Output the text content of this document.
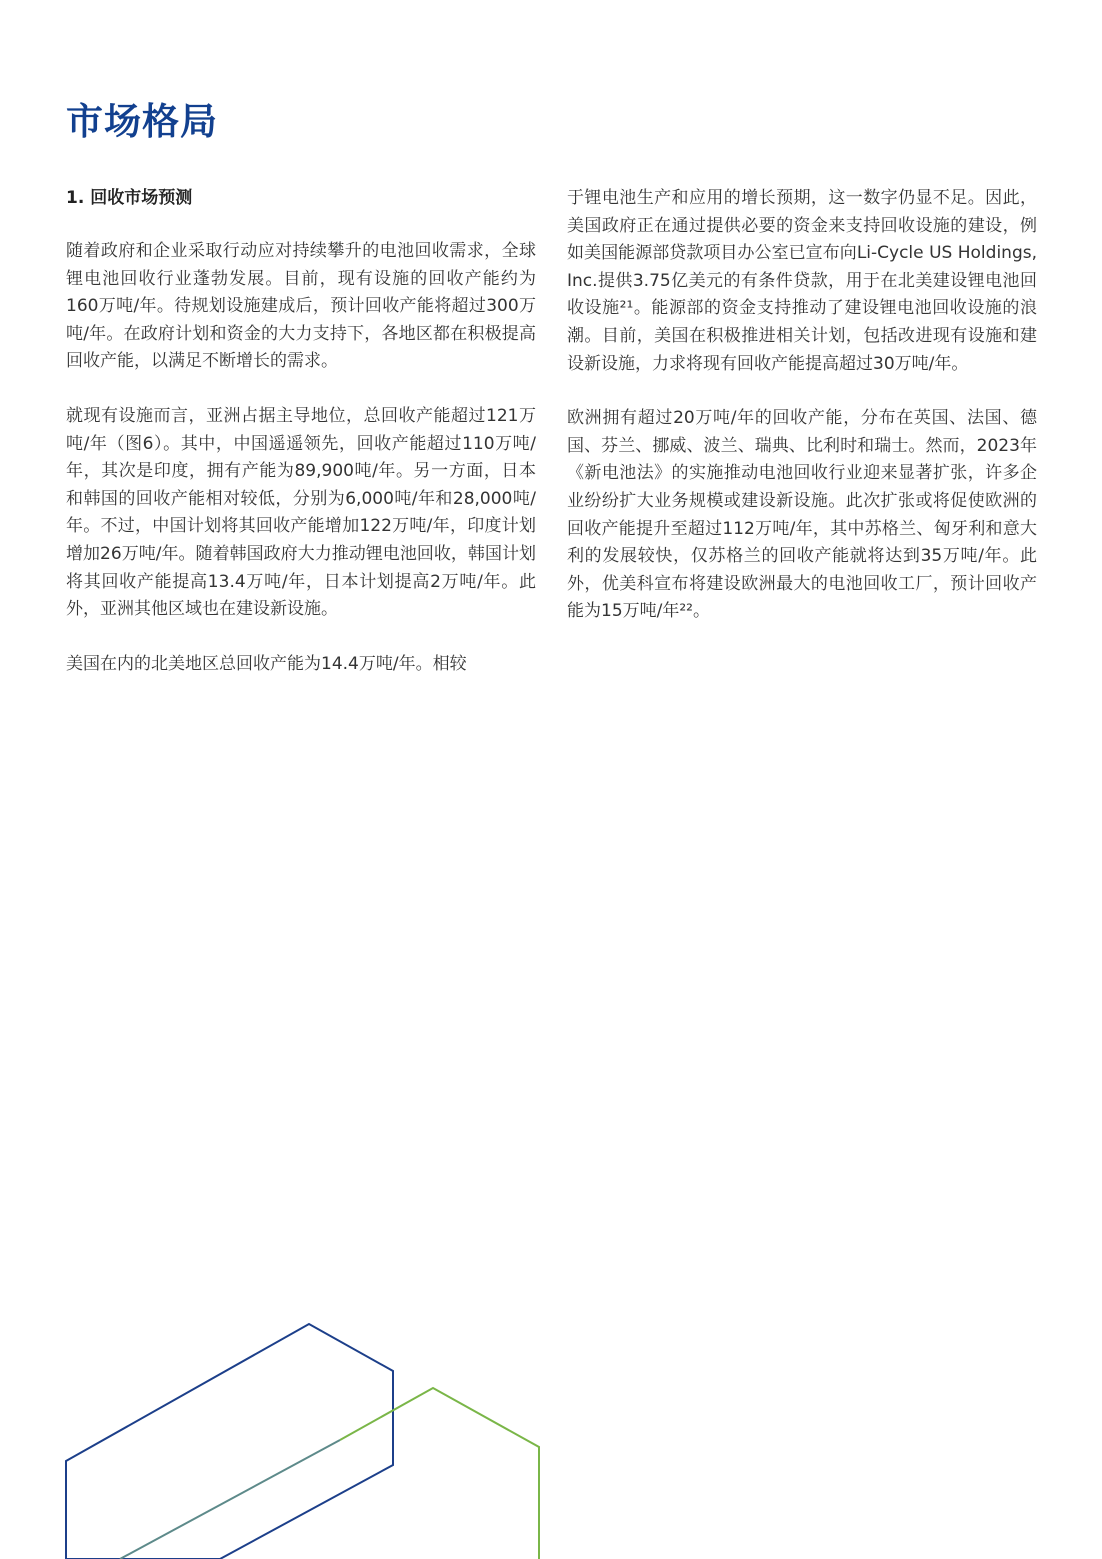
市场格局
1. 回收市场预测

随着政府和企业采取行动应对持续攀升的电池回收需求，全球锂电池回收行业蓬勃发展。目前，现有设施的回收产能约为160万吨/年。待规划设施建成后，预计回收产能将超过300万吨/年。在政府计划和资金的大力支持下，各地区都在积极提高回收产能，以满足不断增长的需求。

就现有设施而言，亚洲占据主导地位，总回收产能超过121万吨/年（图6）。其中，中国遥遥领先，回收产能超过110万吨/年，其次是印度，拥有产能为89,900吨/年。另一方面，日本和韩国的回收产能相对较低，分别为6,000吨/年和28,000吨/年。不过，中国计划将其回收产能增加122万吨/年，印度计划增加26万吨/年。随着韩国政府大力推动锂电池回收，韩国计划将其回收产能提高13.4万吨/年，日本计划提高2万吨/年。此外，亚洲其他区域也在建设新设施。

美国在内的北美地区总回收产能为14.4万吨/年。相较

于锂电池生产和应用的增长预期，这一数字仍显不足。因此，美国政府正在通过提供必要的资金来支持回收设施的建设，例如美国能源部贷款项目办公室已宣布向Li-Cycle US Holdings, Inc.提供3.75亿美元的有条件贷款，用于在北美建设锂电池回收设施²¹。能源部的资金支持推动了建设锂电池回收设施的浪潮。目前，美国在积极推进相关计划，包括改进现有设施和建设新设施，力求将现有回收产能提高超过30万吨/年。

欧洲拥有超过20万吨/年的回收产能，分布在英国、法国、德国、芬兰、挪威、波兰、瑞典、比利时和瑞士。然而，2023年《新电池法》的实施推动电池回收行业迎来显著扩张，许多企业纷纷扩大业务规模或建设新设施。此次扩张或将促使欧洲的回收产能提升至超过112万吨/年，其中苏格兰、匈牙利和意大利的发展较快，仅苏格兰的回收产能就将达到35万吨/年。此外，优美科宣布将建设欧洲最大的电池回收工厂，预计回收产能为15万吨/年²²。
